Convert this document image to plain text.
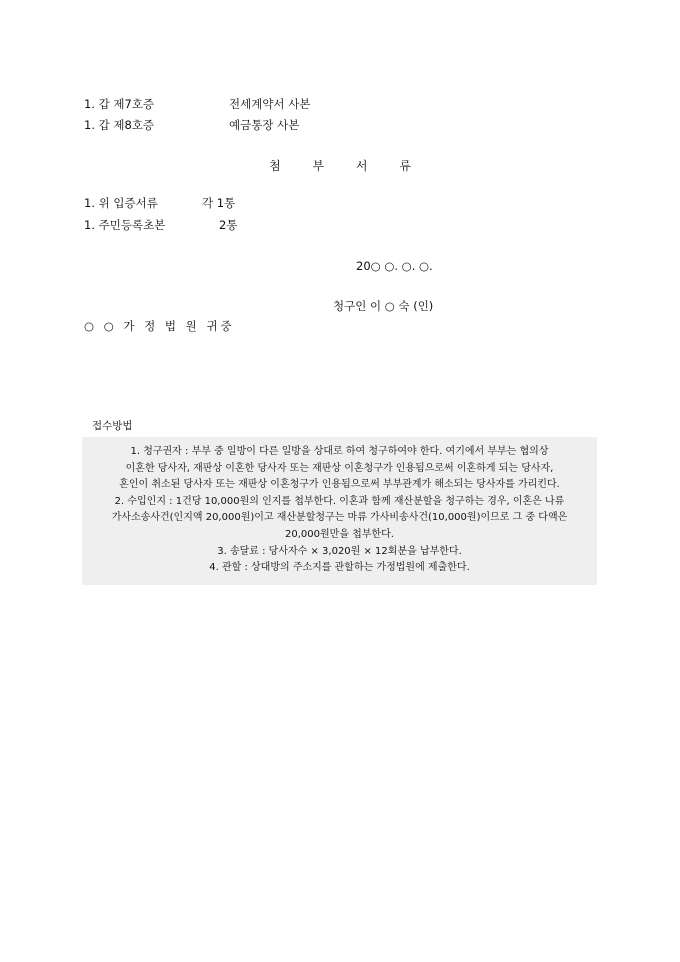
1. 갑 제7호증	전세계약서 사본
1. 갑 제8호증	예금통장 사본
첨 부 서 류
1. 위 입증서류	각 1통
1. 주민등록초본	2통
20○ ○. ○. ○.
청구인 이 ○ 숙 (인)
○ ○ 가 정 법 원 귀중
접수방법

1. 청구권자 : 부부 중 일방이 다른 일방을 상대로 하여 청구하여야 한다. 여기에서 부부는 협의상

이혼한 당사자, 재판상 이혼한 당사자 또는 재판상 이혼청구가 인용됨으로써 이혼하게 되는 당사자,

혼인이 취소된 당사자 또는 재판상 이혼청구가 인용됨으로써 부부관계가 해소되는 당사자를 가리킨다.

2. 수입인지 : 1건당 10,000원의 인지를 첩부한다. 이혼과 함께 재산분할을 청구하는 경우, 이혼은 나류

가사소송사건(인지액 20,000원)이고 재산분할청구는 마류 가사비송사건(10,000원)이므로 그 중 다액은

20,000원만을 첩부한다.

3. 송달료 : 당사자수 × 3,020원 × 12회분을 납부한다.

4. 관할 : 상대방의 주소지를 관할하는 가정법원에 제출한다.
